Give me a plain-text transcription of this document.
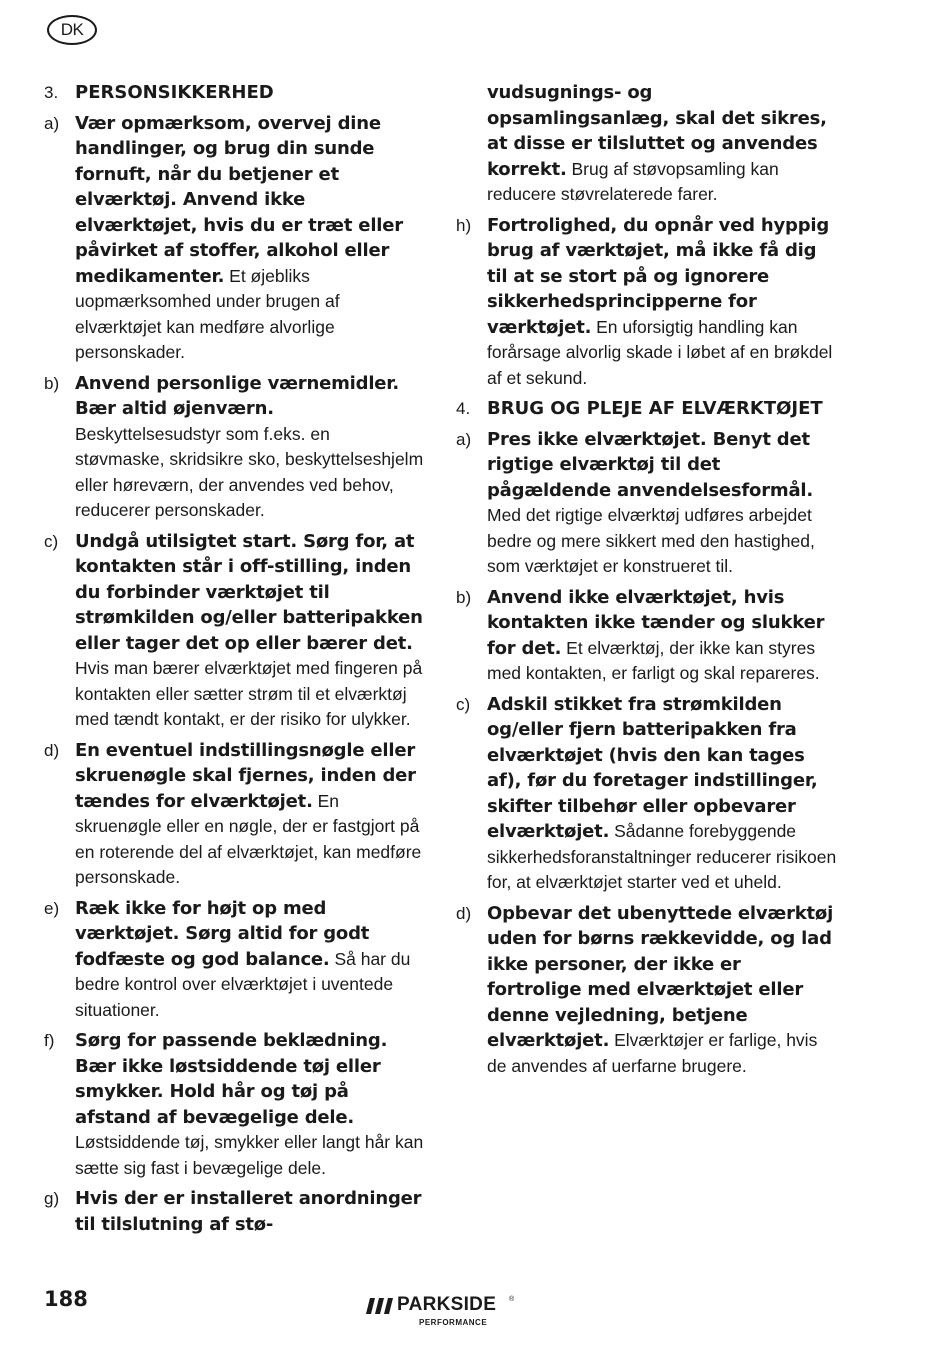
DK
3. PERSONSIKKERHED
a) Vær opmærksom, overvej dine handlinger, og brug din sunde fornuft, når du betjener et elværktøj. Anvend ikke elværktøjet, hvis du er træt eller påvirket af stoffer, alkohol eller medikamenter. Et øjebliks uopmærksomhed under brugen af elværktøjet kan medføre alvorlige personskader.
b) Anvend personlige værnemidler. Bær altid øjenværn. Beskyttelsesudstyr som f.eks. en støvmaske, skridsikre sko, beskyttelseshjelm eller høreværn, der anvendes ved behov, reducerer personskader.
c) Undgå utilsigtet start. Sørg for, at kontakten står i off-stilling, inden du forbinder værktøjet til strømkilden og/eller batteripakken eller tager det op eller bærer det. Hvis man bærer elværktøjet med fingeren på kontakten eller sætter strøm til et elværktøj med tændt kontakt, er der risiko for ulykker.
d) En eventuel indstillingsnøgle eller skruenøgle skal fjernes, inden der tændes for elværktøjet. En skruenøgle eller en nøgle, der er fastgjort på en roterende del af elværktøjet, kan medføre personskade.
e) Ræk ikke for højt op med værktøjet. Sørg altid for godt fodfæste og god balance. Så har du bedre kontrol over elværktøjet i uventede situationer.
f) Sørg for passende beklædning. Bær ikke løstsiddende tøj eller smykker. Hold hår og tøj på afstand af bevægelige dele. Løstsiddende tøj, smykker eller langt hår kan sætte sig fast i bevægelige dele.
g) Hvis der er installeret anordninger til tilslutning af stø-
vudsugnings- og opsamlingsanlæg, skal det sikres, at disse er tilsluttet og anvendes korrekt. Brug af støvopsamling kan reducere støvrelaterede farer.
h) Fortrolighed, du opnår ved hyppig brug af værktøjet, må ikke få dig til at se stort på og ignorere sikkerhedsprincipperne for værktøjet. En uforsigtig handling kan forårsage alvorlig skade i løbet af en brøkdel af et sekund.
4. BRUG OG PLEJE AF ELVÆRKTØJET
a) Pres ikke elværktøjet. Benyt det rigtige elværktøj til det pågældende anvendelsesformål. Med det rigtige elværktøj udføres arbejdet bedre og mere sikkert med den hastighed, som værktøjet er konstrueret til.
b) Anvend ikke elværktøjet, hvis kontakten ikke tænder og slukker for det. Et elværktøj, der ikke kan styres med kontakten, er farligt og skal repareres.
c) Adskil stikket fra strømkilden og/eller fjern batteripakken fra elværktøjet (hvis den kan tages af), før du foretager indstillinger, skifter tilbehør eller opbevarer elværktøjet. Sådanne forebyggende sikkerhedsforanstaltninger reducerer risikoen for, at elværktøjet starter ved et uheld.
d) Opbevar det ubenyttede elværktøj uden for børns rækkevidde, og lad ikke personer, der ikke er fortrolige med elværktøjet eller denne vejledning, betjene elværktøjet. Elværktøjer er farlige, hvis de anvendes af uerfarne brugere.
188	PARKSIDE ®
PERFORMANCE
